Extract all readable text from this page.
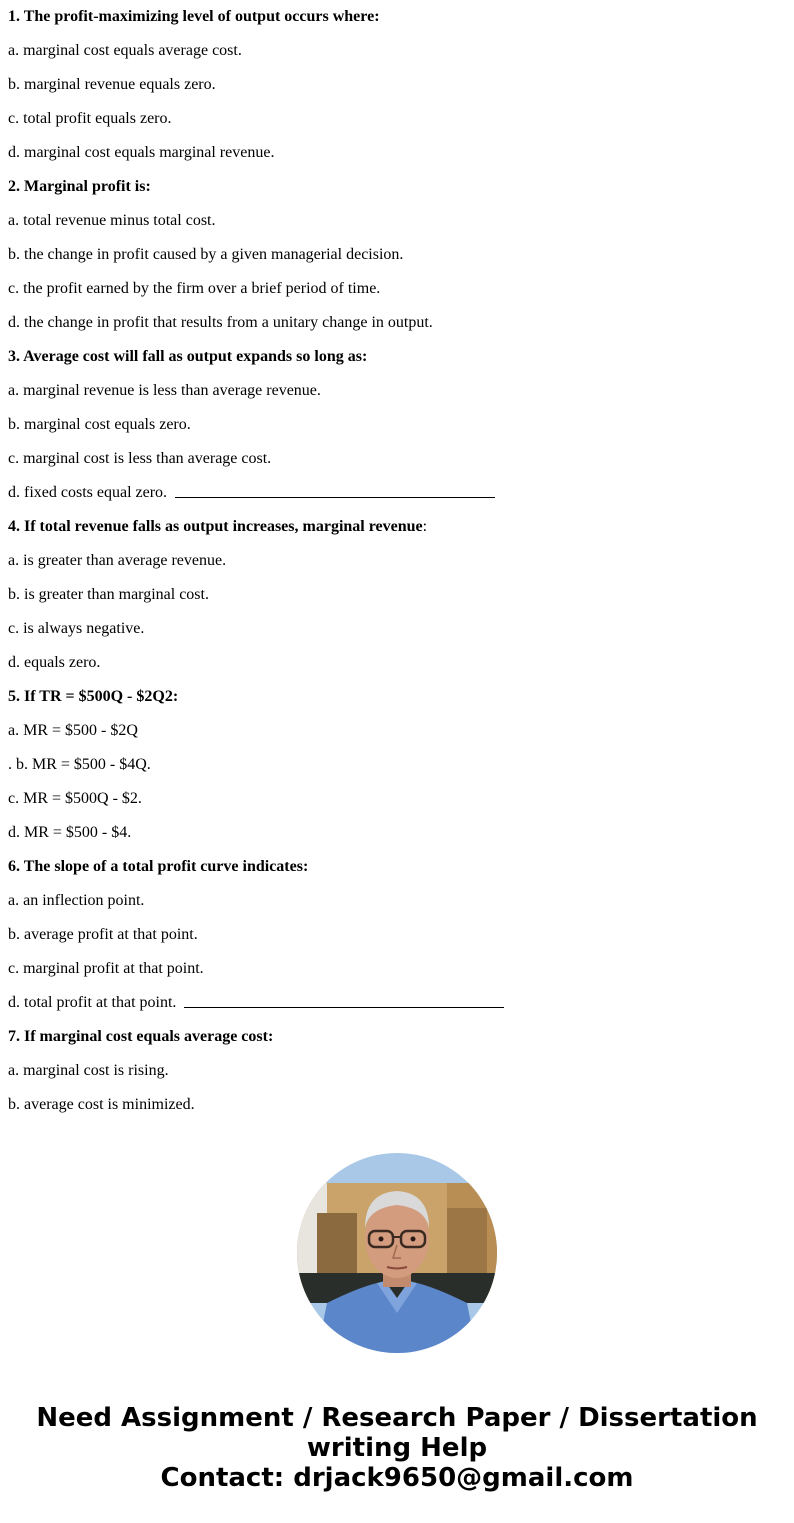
1. The profit-maximizing level of output occurs where:
a. marginal cost equals average cost.
b. marginal revenue equals zero.
c. total profit equals zero.
d. marginal cost equals marginal revenue.
2. Marginal profit is:
a. total revenue minus total cost.
b. the change in profit caused by a given managerial decision.
c. the profit earned by the firm over a brief period of time.
d. the change in profit that results from a unitary change in output.
3. Average cost will fall as output expands so long as:
a. marginal revenue is less than average revenue.
b. marginal cost equals zero.
c. marginal cost is less than average cost.
d. fixed costs equal zero.
4. If total revenue falls as output increases, marginal revenue:
a. is greater than average revenue.
b. is greater than marginal cost.
c. is always negative.
d. equals zero.
5. If TR = $500Q - $2Q2:
a. MR = $500 - $2Q
. b. MR = $500 - $4Q.
c. MR = $500Q - $2.
d. MR = $500 - $4.
6. The slope of a total profit curve indicates:
a. an inflection point.
b. average profit at that point.
c. marginal profit at that point.
d. total profit at that point.
7. If marginal cost equals average cost:
a. marginal cost is rising.
b. average cost is minimized.
Need Assignment / Research Paper / Dissertation
writing Help
Contact: drjack9650@gmail.com
